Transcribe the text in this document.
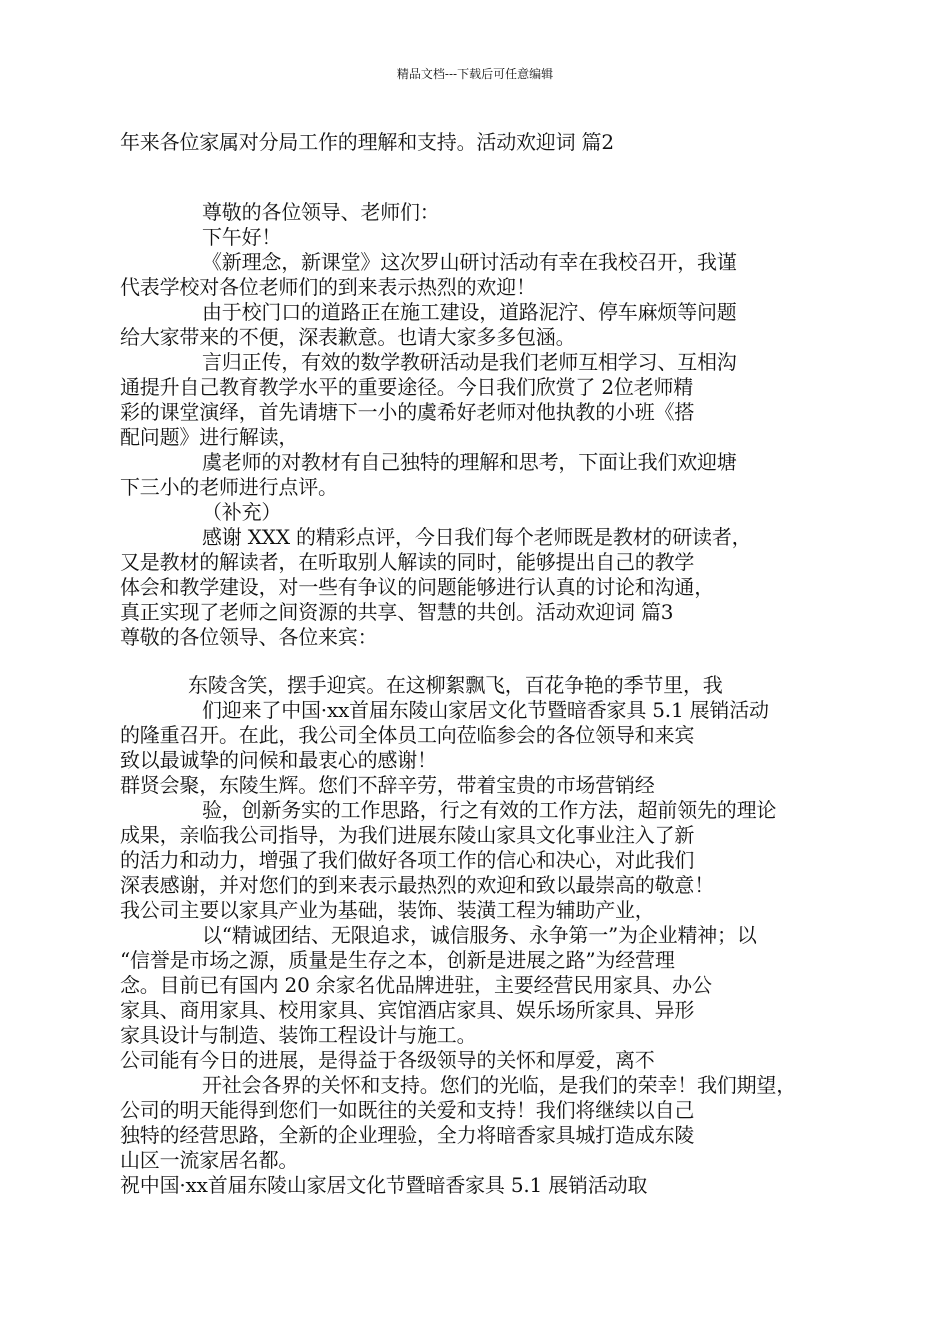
精品文档---下载后可任意编辑
年来各位家属对分局工作的理解和支持。活动欢迎词 篇2
尊敬的各位领导、老师们：
下午好！
《新理念，新课堂》这次罗山研讨活动有幸在我校召开，我谨
代表学校对各位老师们的到来表示热烈的欢迎！
由于校门口的道路正在施工建设，道路泥泞、停车麻烦等问题
给大家带来的不便，深表歉意。也请大家多多包涵。
言归正传，有效的数学教研活动是我们老师互相学习、互相沟
通提升自己教育教学水平的重要途径。今日我们欣赏了 2位老师精
彩的课堂演绎，首先请塘下一小的虞希好老师对他执教的小班《搭
配问题》进行解读，
虞老师的对教材有自己独特的理解和思考，下面让我们欢迎塘
下三小的老师进行点评。
（补充）
感谢 XXX 的精彩点评，今日我们每个老师既是教材的研读者，
又是教材的解读者，在听取别人解读的同时，能够提出自己的教学
体会和教学建设，对一些有争议的问题能够进行认真的讨论和沟通，
真正实现了老师之间资源的共享、智慧的共创。活动欢迎词 篇3
尊敬的各位领导、各位来宾：
东陵含笑，摆手迎宾。在这柳絮飘飞，百花争艳的季节里，我
们迎来了中国·xx首届东陵山家居文化节暨暗香家具 5.1 展销活动
的隆重召开。在此，我公司全体员工向莅临参会的各位领导和来宾
致以最诚挚的问候和最衷心的感谢！
群贤会聚，东陵生辉。您们不辞辛劳，带着宝贵的市场营销经
验，创新务实的工作思路，行之有效的工作方法，超前领先的理论
成果，亲临我公司指导，为我们进展东陵山家具文化事业注入了新
的活力和动力，增强了我们做好各项工作的信心和决心，对此我们
深表感谢，并对您们的到来表示最热烈的欢迎和致以最崇高的敬意！
我公司主要以家具产业为基础，装饰、装潢工程为辅助产业，
以“精诚团结、无限追求，诚信服务、永争第一”为企业精神；以
“信誉是市场之源，质量是生存之本，创新是进展之路”为经营理
念。目前已有国内 20 余家名优品牌进驻，主要经营民用家具、办公
家具、商用家具、校用家具、宾馆酒店家具、娱乐场所家具、异形
家具设计与制造、装饰工程设计与施工。
公司能有今日的进展，是得益于各级领导的关怀和厚爱，离不
开社会各界的关怀和支持。您们的光临，是我们的荣幸！我们期望，
公司的明天能得到您们一如既往的关爱和支持！我们将继续以自己
独特的经营思路，全新的企业理验，全力将暗香家具城打造成东陵
山区一流家居名都。
祝中国·xx首届东陵山家居文化节暨暗香家具 5.1 展销活动取
